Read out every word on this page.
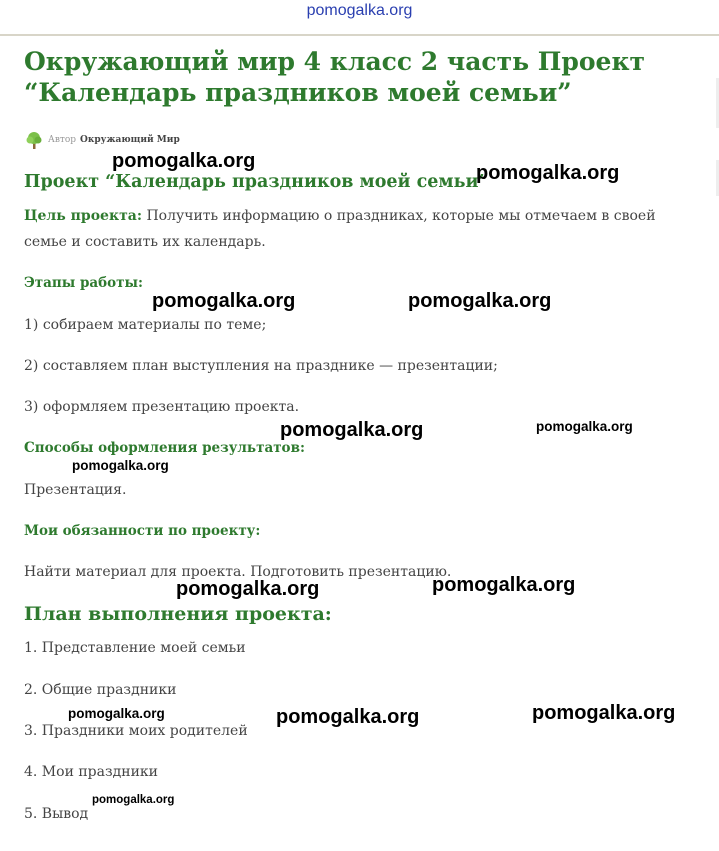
pomogalka.org
Окружающий мир 4 класс 2 часть Проект “Календарь праздников моей семьи”
Автор Окружающий Мир
Проект “Календарь праздников моей семьи”

Цель проекта: Получить информацию о праздниках, которые мы отмечаем в своей семье и составить их календарь.

Этапы работы:

1) собираем материалы по теме;

2) составляем план выступления на празднике — презентации;

3) оформляем презентацию проекта.

Способы оформления результатов:

Презентация.

Мои обязанности по проекту:

Найти материал для проекта. Подготовить презентацию.

План выполнения проекта:

1. Представление моей семьи

2. Общие праздники

3. Праздники моих родителей

4. Мои праздники

5. Вывод

pomogalka.org
pomogalka.org
pomogalka.org	pomogalka.org
pomogalka.org	pomogalka.org
pomogalka.org
pomogalka.org	pomogalka.org
pomogalka.org	pomogalka.org	pomogalka.org
pomogalka.org
